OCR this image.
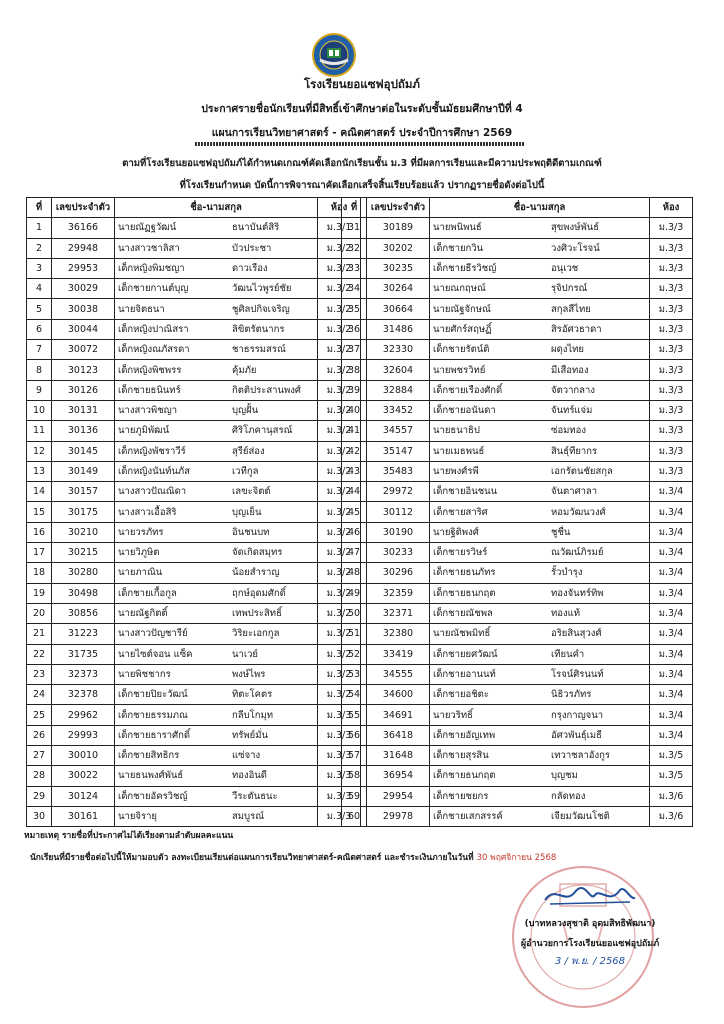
โรงเรียนยอแซฟอุปถัมภ์
ประกาศรายชื่อนักเรียนที่มีสิทธิ์เข้าศึกษาต่อในระดับชั้นมัธยมศึกษาปีที่ 4
แผนการเรียนวิทยาศาสตร์ - คณิตศาสตร์ ประจำปีการศึกษา 2569
ตามที่โรงเรียนยอแซฟอุปถัมภ์ได้กำหนดเกณฑ์คัดเลือกนักเรียนชั้น ม.3 ที่มีผลการเรียนและมีความประพฤติดีตามเกณฑ์
ที่โรงเรียนกำหนด บัดนี้การพิจารณาคัดเลือกเสร็จสิ้นเรียบร้อยแล้ว ปรากฏรายชื่อดังต่อไปนี้
ที่	เลขประจำตัว	ชื่อ-นามสกุล		ห้อง
1	36166	นายณัฏฐวัฒน์	ธนาบันต์สิริ	ม.3/1
2	29948	นางสาวชาลิสา	บัวประชา	ม.3/2
3	29953	เด็กหญิงพิมชญา	ดาวเรือง	ม.3/2
4	30029	เด็กชายกานต์บุญ	วัฒนไวพูรย์ชัย	ม.3/2
5	30038	นายจิตธนา	ชูศิลปกิจเจริญ	ม.3/2
6	30044	เด็กหญิงปาณิสรา	ลิขิตรัตนากร	ม.3/2
7	30072	เด็กหญิงณภัสรดา	ชาธรรมสรณ์	ม.3/2
8	30123	เด็กหญิงพิชพรร	คุ้มภัย	ม.3/2
9	30126	เด็กชายธนินทร์	กิตติประสานพงศ์	ม.3/2
10	30131	นางสาวพิชญา	บุญฝั้น	ม.3/2
11	30136	นายภูมิพัฒน์	ศิริโภคานุสรณ์	ม.3/2
12	30145	เด็กหญิงพัชราวีร์	สุรีย์ส่อง	ม.3/2
13	30149	เด็กหญิงนันท์นภัส	เวทีกูล	ม.3/2
14	30157	นางสาวปัณณิดา	เลขะจิตต์	ม.3/2
15	30175	นางสาวเอื้อสิริ	บุญเย็น	ม.3/2
16	30210	นายวรภัทร	อินชนบท	ม.3/2
17	30215	นายวิภูษิต	จัดเกิดสมุทร	ม.3/2
18	30280	นายภาณิน	น้อยสำราญ	ม.3/2
19	30498	เด็กชายเกื้อกูล	ฤกษ์อุดมศักดิ์	ม.3/2
20	30856	นายณัฐกิตติ์	เทพประสิทธิ์	ม.3/2
21	31223	นางสาวปัญชารีย์	วิริยะเอกกูล	ม.3/2
22	31735	นายไซต์จอน แซ็ค	นาเวย์	ม.3/2
23	32373	นายพิชชากร	พงษ์ไพร	ม.3/2
24	32378	เด็กชายปิยะวัฒน์	ทิตะโคตร	ม.3/2
25	29962	เด็กชายธรรมภณ	กลีบโกมุท	ม.3/3
26	29993	เด็กชายธาราศักดิ์	ทรัพย์มั่น	ม.3/3
27	30010	เด็กชายสิทธิกร	แซ่จาง	ม.3/3
28	30022	นายธนพงศ์พันธ์	ทองอินดี	ม.3/3
29	30124	เด็กชายอัครวิชญ์	วีระตันธนะ	ม.3/3
30	30161	นายจิรายุ	สมบูรณ์	ม.3/3
ที่	เลขประจำตัว	ชื่อ-นามสกุล		ห้อง
31	30189	นายพนิพนธ์	สุขพงษ์พันธ์	ม.3/3
32	30202	เด็กชายกวิน	วงศิวะโรจน์	ม.3/3
33	30235	เด็กชายธีรวิชญ์	อนุเวช	ม.3/3
34	30264	นายณกฤษณ์	รุจิปกรณ์	ม.3/3
35	30664	นายณัฐจักษณ์	สกุลสีไทย	ม.3/3
36	31486	นายศักร์สฤษฏิ์	สิรอัศวธาดา	ม.3/3
37	32330	เด็กชายรัตน์ติ	ผดุงไทย	ม.3/3
38	32604	นายพชรวิทย์	มีเสือทอง	ม.3/3
39	32884	เด็กชายเรืองศักดิ์	จัตวากลาง	ม.3/3
40	33452	เด็กชายอนันดา	จันทร์แจ่ม	ม.3/3
41	34557	นายธนาธิป	ซ่อมทอง	ม.3/3
42	35147	นายเมธพนธ์	สินธุ์ทียากร	ม.3/3
43	35483	นายพงศ์รพี	เอกรัตนชัยสกุล	ม.3/3
44	29972	เด็กชายอินชนน	จันตาศาลา	ม.3/4
45	30112	เด็กชายสาริศ	หอมวัฒนวงศ์	ม.3/4
46	30190	นายฐิติพงศ์	ชูชื่น	ม.3/4
47	30233	เด็กชายรวิษร์	ณวัฒน์ภิรมย์	ม.3/4
48	30296	เด็กชายธนภัทร	รั้วบำรุง	ม.3/4
49	32359	เด็กชายธนกฤต	ทองจันทร์ทิพ	ม.3/4
50	32371	เด็กชายณัชพล	ทองแท้	ม.3/4
51	32380	นายณัชพมิทธิ์	อริยสินสุวงศ์	ม.3/4
52	33419	เด็กชายยศวัฒน์	เทียนคำ	ม.3/4
53	34555	เด็กชายอานนท์	โรจน์ศิรนนท์	ม.3/4
54	34600	เด็กชายอชิตะ	นิธิวรภัทร	ม.3/4
55	34691	นายวริทธิ์	กรุงกาญจนา	ม.3/4
56	36418	เด็กชายอัญเทพ	อัศวพันธุ์เมธี	ม.3/4
57	31648	เด็กชายสุรสิน	เทวาชลาอังกูร	ม.3/5
58	36954	เด็กชายธนกฤต	บุญชม	ม.3/5
59	29954	เด็กชายชยกร	กลัดทอง	ม.3/6
60	29978	เด็กชายเสกสรรค์	เจียมวัฒนโชติ	ม.3/6
หมายเหตุ รายชื่อที่ประกาศไม่ได้เรียงตามลำดับผลคะแนน
นักเรียนที่มีรายชื่อต่อไปนี้ให้มามอบตัว ลงทะเบียนเรียนต่อแผนการเรียนวิทยาศาสตร์-คณิตศาสตร์ และชำระเงินภายในวันที่ 30 พฤศจิกายน 2568
(บาทหลวงสุชาติ อุดมสิทธิพัฒนา)
ผู้อำนวยการโรงเรียนยอแซฟอุปถัมภ์
3 / พ.ย. / 2568
